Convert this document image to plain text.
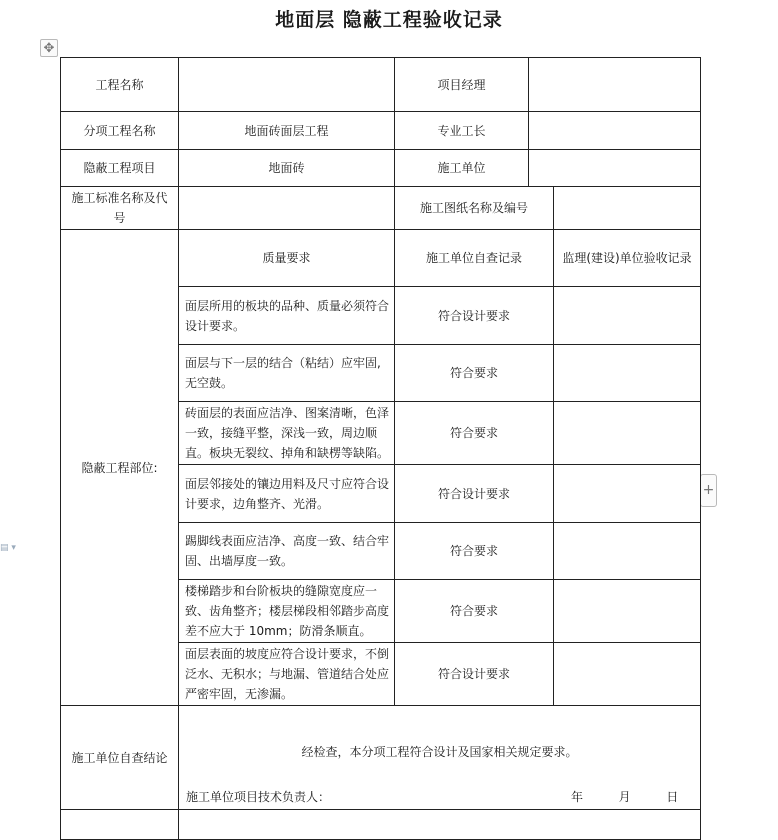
地面层 隐蔽工程验收记录
✥
+
▤ ▾
工程名称		项目经理		
分项工程名称	地面砖面层工程	专业工长		
隐蔽工程项目	地面砖	施工单位		
施工标准名称及代号		施工图纸名称及编号		
隐蔽工程部位:	质量要求	施工单位自查记录		监理(建设)单位验收记录
	面层所用的板块的品种、质量必须符合设计要求。	符合设计要求		
	面层与下一层的结合（粘结）应牢固,无空鼓。	符合要求		
	砖面层的表面应洁净、图案清晰，色泽一致，接缝平整，深浅一致，周边顺直。板块无裂纹、掉角和缺楞等缺陷。	符合要求		
	面层邻接处的镶边用料及尺寸应符合设计要求，边角整齐、光滑。	符合设计要求		
	踢脚线表面应洁净、高度一致、结合牢固、出墙厚度一致。	符合要求		
	楼梯踏步和台阶板块的缝隙宽度应一致、齿角整齐；楼层梯段相邻踏步高度差不应大于 10mm；防滑条顺直。	符合要求		
	面层表面的坡度应符合设计要求，不倒泛水、无积水；与地漏、管道结合处应严密牢固，无渗漏。	符合设计要求		
施工单位自查结论	经检查，本分项工程符合设计及国家相关规定要求。
施工单位项目技术负责人： 年 月 日			
